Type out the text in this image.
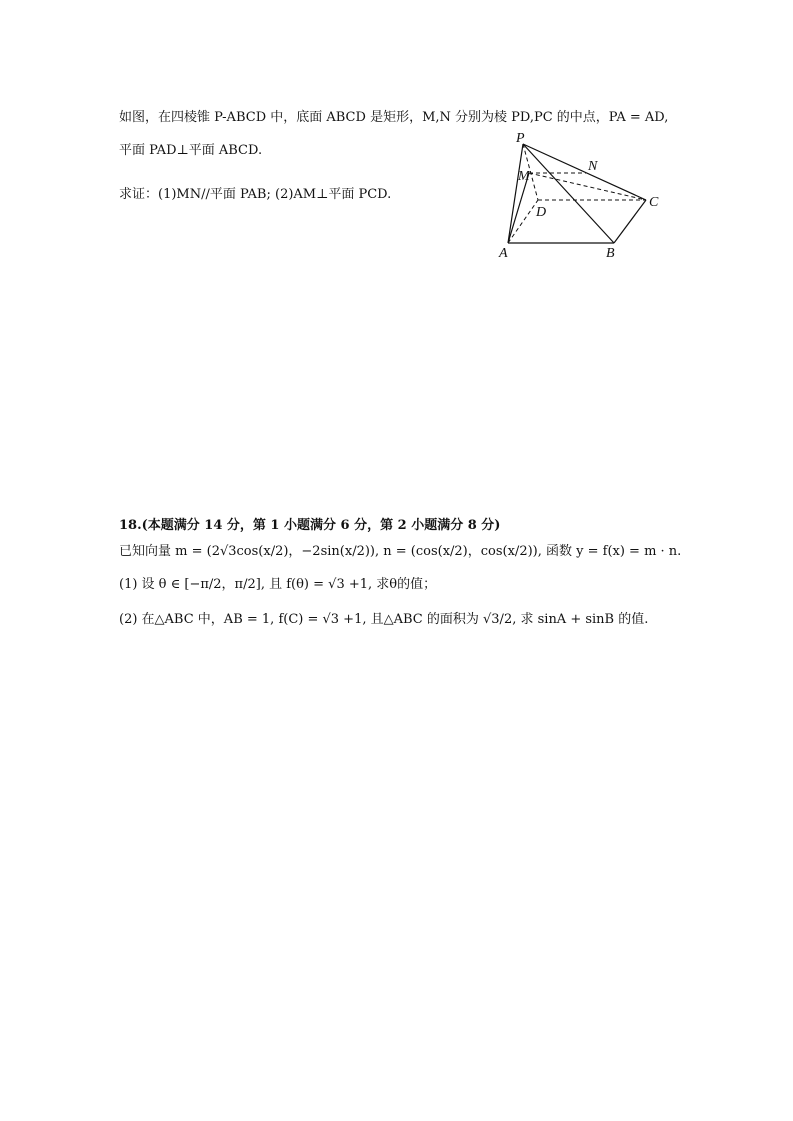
如图，在四棱锥 P-ABCD 中，底面 ABCD 是矩形，M,N 分别为棱 PD,PC 的中点，PA = AD,
平面 PAD⊥平面 ABCD.
求证：(1)MN//平面 PAB; (2)AM⊥平面 PCD.
P
N
M
C
D
A	B
18.(本题满分 14 分，第 1 小题满分 6 分，第 2 小题满分 8 分)
已知向量 m = (2√3cos(x/2)，−2sin(x/2)), n = (cos(x/2)，cos(x/2)), 函数 y = f(x) = m · n.
(1) 设 θ ∈ [−π/2，π/2], 且 f(θ) = √3 +1, 求θ的值；
(2) 在△ABC 中，AB = 1, f(C) = √3 +1, 且△ABC 的面积为 √3/2, 求 sinA + sinB 的值.
